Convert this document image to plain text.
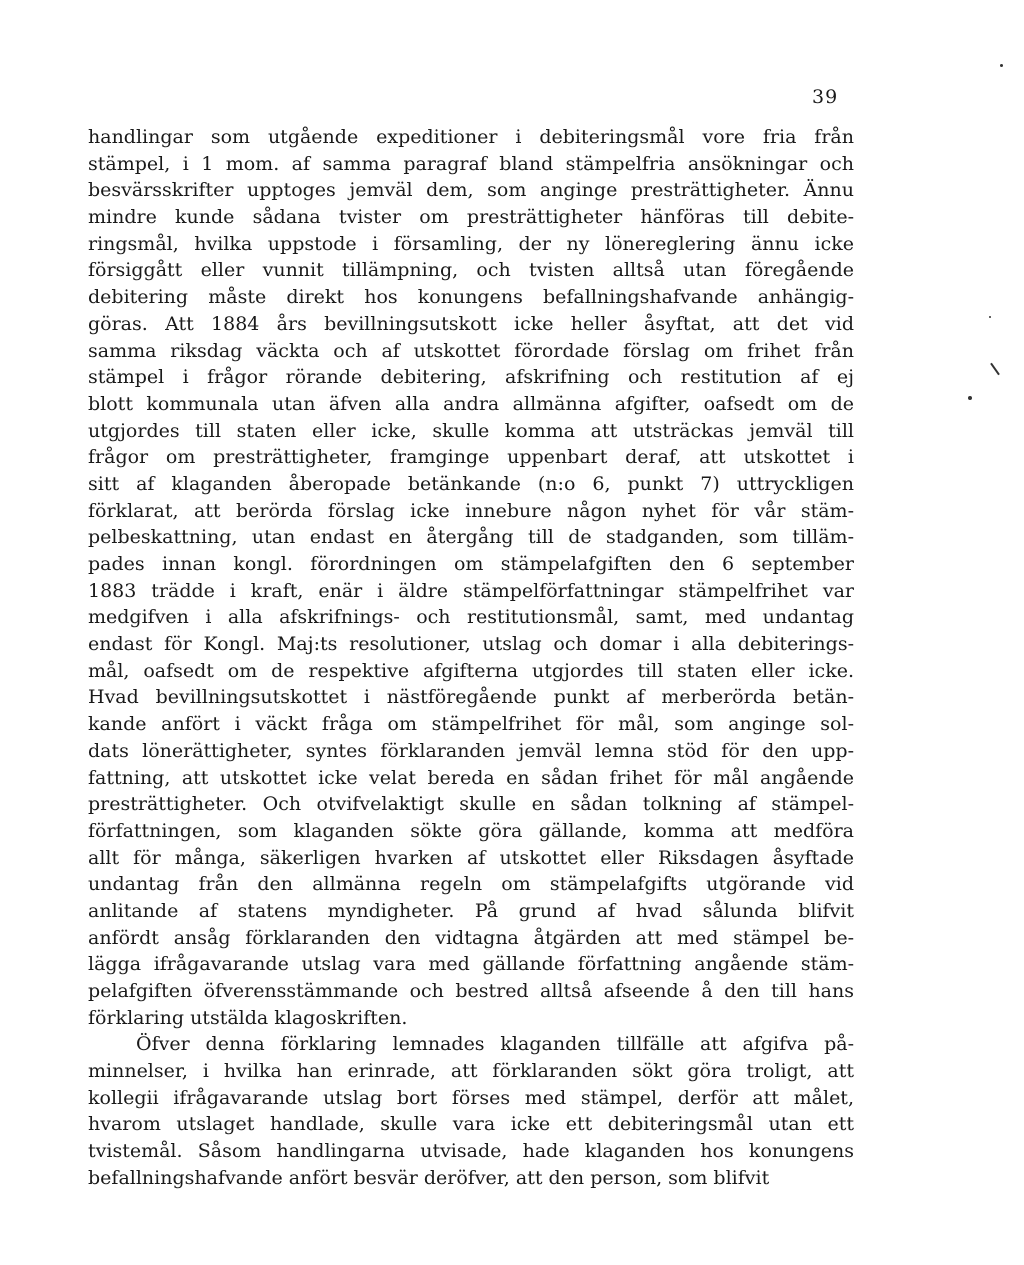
39
handlingar som utgående expeditioner i debiteringsmål vore fria från
stämpel, i 1 mom. af samma paragraf bland stämpelfria ansökningar och
besvärsskrifter upptoges jemväl dem, som anginge presträttigheter. Ännu
mindre kunde sådana tvister om presträttigheter hänföras till debite-
ringsmål, hvilka uppstode i församling, der ny lönereglering ännu icke
försiggått eller vunnit tillämpning, och tvisten alltså utan föregående
debitering måste direkt hos konungens befallningshafvande anhängig-
göras. Att 1884 års bevillningsutskott icke heller åsyftat, att det vid
samma riksdag väckta och af utskottet förordade förslag om frihet från
stämpel i frågor rörande debitering, afskrifning och restitution af ej
blott kommunala utan äfven alla andra allmänna afgifter, oafsedt om de
utgjordes till staten eller icke, skulle komma att utsträckas jemväl till
frågor om presträttigheter, framginge uppenbart deraf, att utskottet i
sitt af klaganden åberopade betänkande (n:o 6, punkt 7) uttryckligen
förklarat, att berörda förslag icke innebure någon nyhet för vår stäm-
pelbeskattning, utan endast en återgång till de stadganden, som tilläm-
pades innan kongl. förordningen om stämpelafgiften den 6 september
1883 trädde i kraft, enär i äldre stämpelförfattningar stämpelfrihet var
medgifven i alla afskrifnings- och restitutionsmål, samt, med undantag
endast för Kongl. Maj:ts resolutioner, utslag och domar i alla debiterings-
mål, oafsedt om de respektive afgifterna utgjordes till staten eller icke.
Hvad bevillningsutskottet i nästföregående punkt af merberörda betän-
kande anfört i väckt fråga om stämpelfrihet för mål, som anginge sol-
dats lönerättigheter, syntes förklaranden jemväl lemna stöd för den upp-
fattning, att utskottet icke velat bereda en sådan frihet för mål angående
presträttigheter. Och otvifvelaktigt skulle en sådan tolkning af stämpel-
författningen, som klaganden sökte göra gällande, komma att medföra
allt för många, säkerligen hvarken af utskottet eller Riksdagen åsyftade
undantag från den allmänna regeln om stämpelafgifts utgörande vid
anlitande af statens myndigheter. På grund af hvad sålunda blifvit
anfördt ansåg förklaranden den vidtagna åtgärden att med stämpel be-
lägga ifrågavarande utslag vara med gällande författning angående stäm-
pelafgiften öfverensstämmande och bestred alltså afseende å den till hans
förklaring utstälda klagoskriften.
Öfver denna förklaring lemnades klaganden tillfälle att afgifva på-
minnelser, i hvilka han erinrade, att förklaranden sökt göra troligt, att
kollegii ifrågavarande utslag bort förses med stämpel, derför att målet,
hvarom utslaget handlade, skulle vara icke ett debiteringsmål utan ett
tvistemål. Såsom handlingarna utvisade, hade klaganden hos konungens
befallningshafvande anfört besvär deröfver, att den person, som blifvit
